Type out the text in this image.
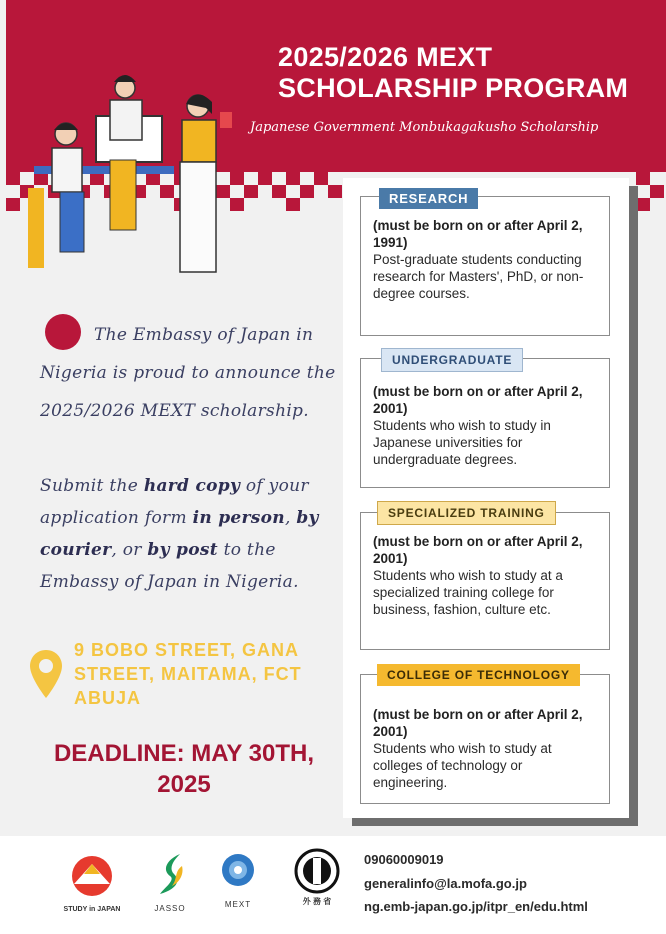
2025/2026 MEXT
SCHOLARSHIP PROGRAM
Japanese Government Monbukagakusho Scholarship
(must be born on or after April 2, 1991)
Post-graduate students conducting research for Masters', PhD, or non-degree courses.
RESEARCH
(must be born on or after April 2, 2001)
Students who wish to study in Japanese universities for undergraduate degrees.
UNDERGRADUATE
(must be born on or after April 2, 2001)
Students who wish to study at a specialized training college for business, fashion, culture etc.
SPECIALIZED TRAINING
(must be born on or after April 2, 2001)
Students who wish to study at colleges of technology or engineering.
COLLEGE OF TECHNOLOGY
The Embassy of Japan in Nigeria is proud to announce the 2025/2026 MEXT scholarship.
Submit the hard copy of your application form in person, by courier, or by post to the Embassy of Japan in Nigeria.
9 BOBO STREET, GANA
STREET, MAITAMA, FCT
ABUJA
DEADLINE: MAY 30TH,
2025
STUDY in JAPAN	JASSO	MEXT	外 務 省
09060009019
generalinfo@la.mofa.go.jp
ng.emb-japan.go.jp/itpr_en/edu.html
